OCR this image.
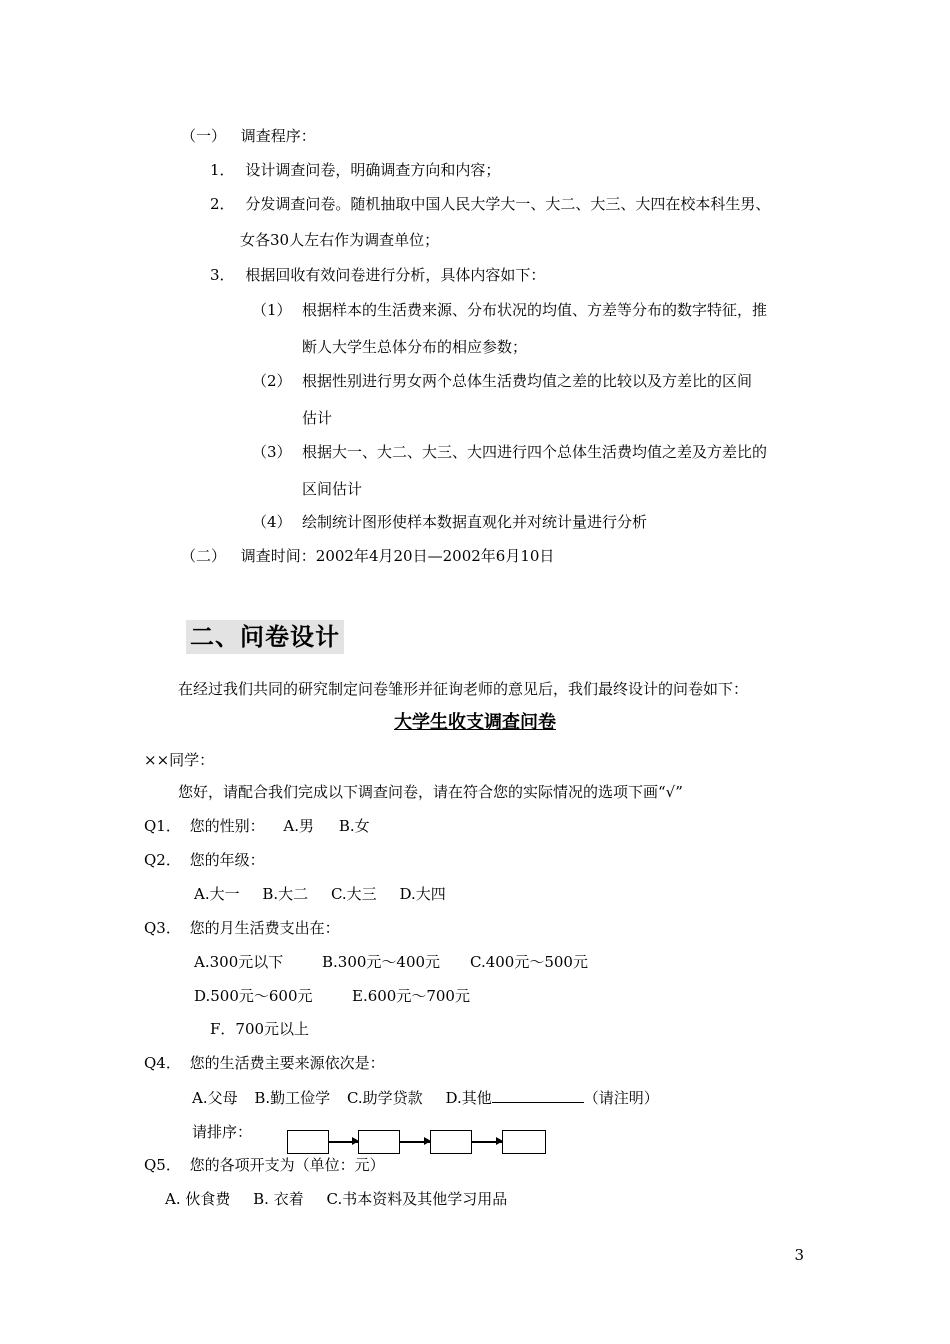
（一） 调查程序：
1． 设计调查问卷，明确调查方向和内容；
2． 分发调查问卷。随机抽取中国人民大学大一、大二、大三、大四在校本科生男、
女各30人左右作为调查单位；
3． 根据回收有效问卷进行分析，具体内容如下：
（1） 根据样本的生活费来源、分布状况的均值、方差等分布的数字特征，推
断人大学生总体分布的相应参数；
（2） 根据性别进行男女两个总体生活费均值之差的比较以及方差比的区间
估计
（3） 根据大一、大二、大三、大四进行四个总体生活费均值之差及方差比的
区间估计
（4） 绘制统计图形使样本数据直观化并对统计量进行分析
（二） 调查时间：2002年4月20日—2002年6月10日
二、问卷设计
在经过我们共同的研究制定问卷雏形并征询老师的意见后，我们最终设计的问卷如下：
大学生收支调查问卷
××同学：
您好，请配合我们完成以下调查问卷，请在符合您的实际情况的选项下画“√”
Q1． 您的性别： A.男 B.女
Q2． 您的年级：
A.大一 B.大二 C.大三 D.大四
Q3． 您的月生活费支出在：
A.300元以下	B.300元～400元 C.400元～500元
D.500元～600元	E.600元～700元
F．700元以上
Q4． 您的生活费主要来源依次是：
A.父母 B.勤工俭学 C.助学贷款 D.其他	（请注明）
请排序：
Q5． 您的各项开支为（单位：元）
A. 伙食费 B. 衣着 C.书本资料及其他学习用品
3
